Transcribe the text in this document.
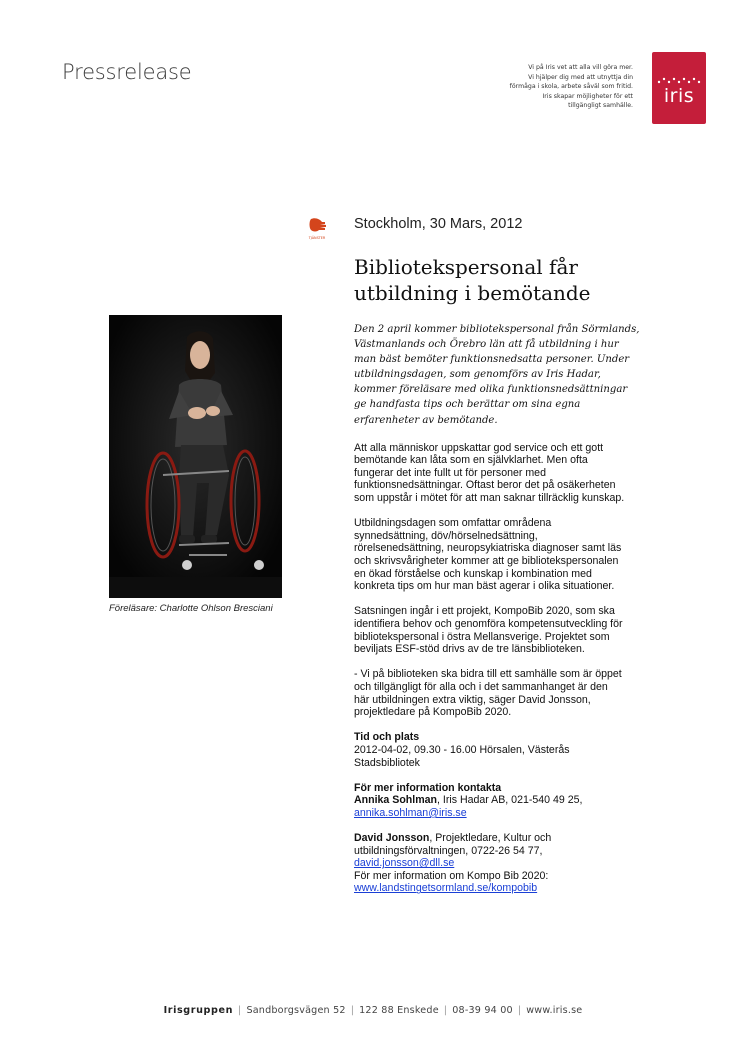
Pressrelease	Vi på Iris vet att alla vill göra mer.
Vi hjälper dig med att utnyttja din
förmåga i skola, arbete såväl som fritid.
Iris skapar möjligheter för ett
tillgängligt samhälle.	iris
TJÄNSTER
Stockholm, 30 Mars, 2012
Bibliotekspersonal får
utbildning i bemötande
Föreläsare: Charlotte Ohlson Bresciani
Den 2 april kommer bibliotekspersonal från Sörmlands,
Västmanlands och Örebro län att få utbildning i hur
man bäst bemöter funktionsnedsatta personer. Under
utbildningsdagen, som genomförs av Iris Hadar,
kommer föreläsare med olika funktionsnedsättningar
ge handfasta tips och berättar om sina egna
erfarenheter av bemötande.
Att alla människor uppskattar god service och ett gott
bemötande kan låta som en självklarhet. Men ofta
fungerar det inte fullt ut för personer med
funktionsnedsättningar. Oftast beror det på osäkerheten
som uppstår i mötet för att man saknar tillräcklig kunskap.
Utbildningsdagen som omfattar områdena
synnedsättning, döv/hörselnedsättning,
rörelsenedsättning, neuropsykiatriska diagnoser samt läs
och skrivsvårigheter kommer att ge bibliotekspersonalen
en ökad förståelse och kunskap i kombination med
konkreta tips om hur man bäst agerar i olika situationer.
Satsningen ingår i ett projekt, KompoBib 2020, som ska
identifiera behov och genomföra kompetensutveckling för
bibliotekspersonal i östra Mellansverige. Projektet som
beviljats ESF-stöd drivs av de tre länsbiblioteken.
- Vi på biblioteken ska bidra till ett samhälle som är öppet
och tillgängligt för alla och i det sammanhanget är den
här utbildningen extra viktig, säger David Jonsson,
projektledare på KompoBib 2020.
Tid och plats
2012-04-02, 09.30 - 16.00 Hörsalen, Västerås
Stadsbibliotek
För mer information kontakta
Annika Sohlman, Iris Hadar AB, 021-540 49 25,
annika.sohlman@iris.se
David Jonsson, Projektledare, Kultur och
utbildningsförvaltningen, 0722-26 54 77,
david.jonsson@dll.se
För mer information om Kompo Bib 2020:
www.landstingetsormland.se/kompobib
Irisgruppen | Sandborgsvägen 52 | 122 88 Enskede | 08-39 94 00 | www.iris.se
